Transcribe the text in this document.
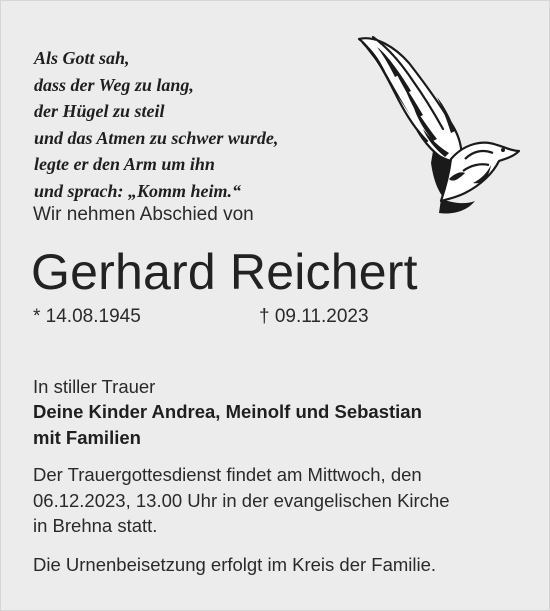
Als Gott sah,
dass der Weg zu lang,
der Hügel zu steil
und das Atmen zu schwer wurde,
legte er den Arm um ihn
und sprach: „Komm heim.“
Wir nehmen Abschied von
Gerhard Reichert
* 14.08.1945	† 09.11.2023
In stiller Trauer
Deine Kinder Andrea, Meinolf und Sebastian
mit Familien
Der Trauergottesdienst findet am Mittwoch, den
06.12.2023, 13.00 Uhr in der evangelischen Kirche
in Brehna statt.
Die Urnenbeisetzung erfolgt im Kreis der Familie.
